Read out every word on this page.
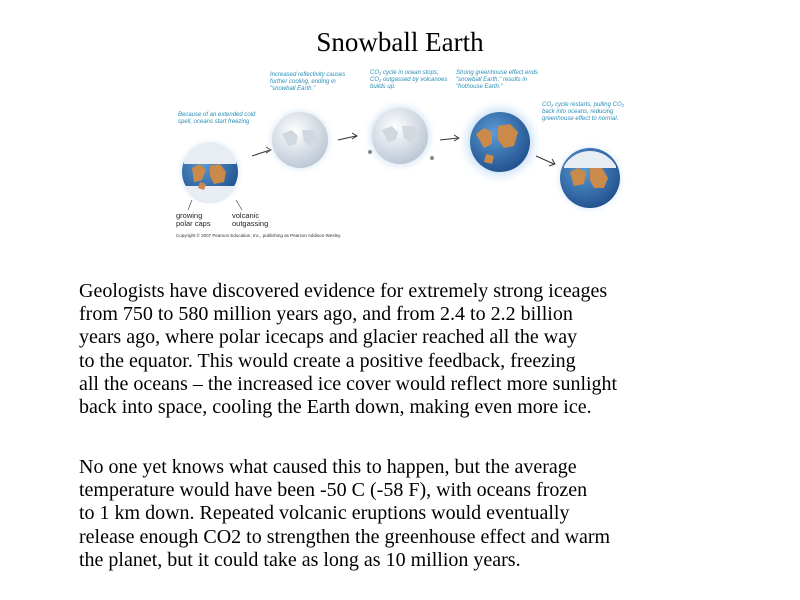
Snowball Earth
Because of an extended cold spell, oceans start freezing
Increased reflectivity causes further cooling, ending in "snowball Earth."
CO₂ cycle in ocean stops; CO₂ outgassed by volcanoes builds up.
Strong greenhouse effect ends "snowball Earth," results in "hothouse Earth."
CO₂ cycle restarts, pulling CO₂ back into oceans, reducing greenhouse effect to normal.
growing polar caps
volcanic outgassing
Copyright © 2007 Pearson Education, Inc., publishing as Pearson Addison-Wesley.
Geologists have discovered evidence for extremely strong iceages
from 750 to 580 million years ago, and from 2.4 to 2.2 billion
years ago, where polar icecaps and glacier reached all the way
to the equator. This would create a positive feedback, freezing
all the oceans – the increased ice cover would reflect more sunlight
back into space, cooling the Earth down, making even more ice.
No one yet knows what caused this to happen, but the average
temperature would have been -50 C (-58 F), with oceans frozen
to 1 km down. Repeated volcanic eruptions would eventually
release enough CO2 to strengthen the greenhouse effect and warm
the planet, but it could take as long as 10 million years.
